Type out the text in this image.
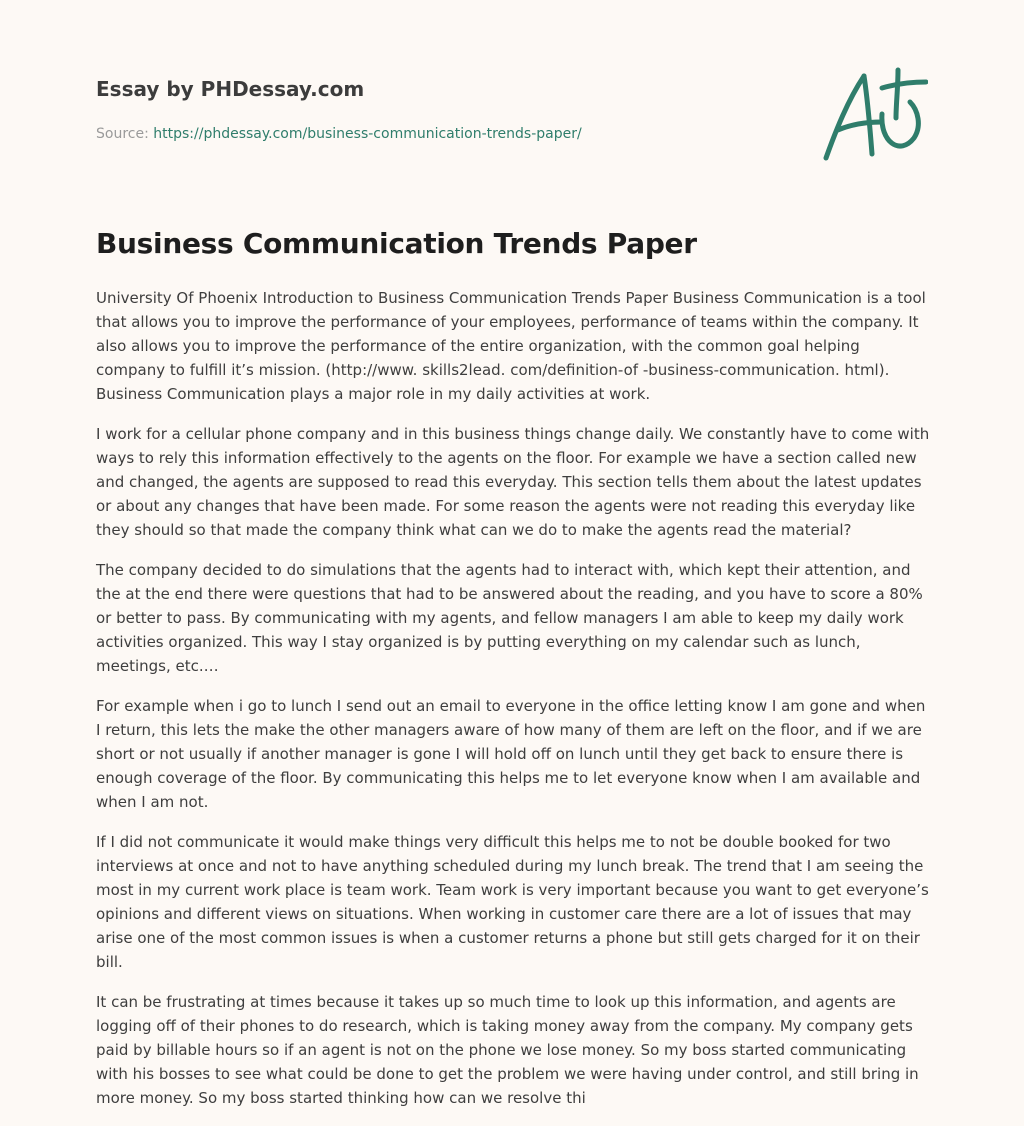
Essay by PHDessay.com
Source: https://phdessay.com/business-communication-trends-paper/
Business Communication Trends Paper

University Of Phoenix Introduction to Business Communication Trends Paper Business Communication is a tool that allows you to improve the performance of your employees, performance of teams within the company. It also allows you to improve the performance of the entire organization, with the common goal helping company to fulfill it’s mission. (http://www. skills2lead. com/definition-of -business-communication. html). Business Communication plays a major role in my daily activities at work.

I work for a cellular phone company and in this business things change daily. We constantly have to come with ways to rely this information effectively to the agents on the floor. For example we have a section called new and changed, the agents are supposed to read this everyday. This section tells them about the latest updates or about any changes that have been made. For some reason the agents were not reading this everyday like they should so that made the company think what can we do to make the agents read the material?

The company decided to do simulations that the agents had to interact with, which kept their attention, and the at the end there were questions that had to be answered about the reading, and you have to score a 80% or better to pass. By communicating with my agents, and fellow managers I am able to keep my daily work activities organized. This way I stay organized is by putting everything on my calendar such as lunch, meetings, etc.…

For example when i go to lunch I send out an email to everyone in the office letting know I am gone and when I return, this lets the make the other managers aware of how many of them are left on the floor, and if we are short or not usually if another manager is gone I will hold off on lunch until they get back to ensure there is enough coverage of the floor. By communicating this helps me to let everyone know when I am available and when I am not.

If I did not communicate it would make things very difficult this helps me to not be double booked for two interviews at once and not to have anything scheduled during my lunch break. The trend that I am seeing the most in my current work place is team work. Team work is very important because you want to get everyone’s opinions and different views on situations. When working in customer care there are a lot of issues that may arise one of the most common issues is when a customer returns a phone but still gets charged for it on their bill.

It can be frustrating at times because it takes up so much time to look up this information, and agents are logging off of their phones to do research, which is taking money away from the company. My company gets paid by billable hours so if an agent is not on the phone we lose money. So my boss started communicating with his bosses to see what could be done to get the problem we were having under control, and still bring in more money. So my boss started thinking how can we resolve thi
